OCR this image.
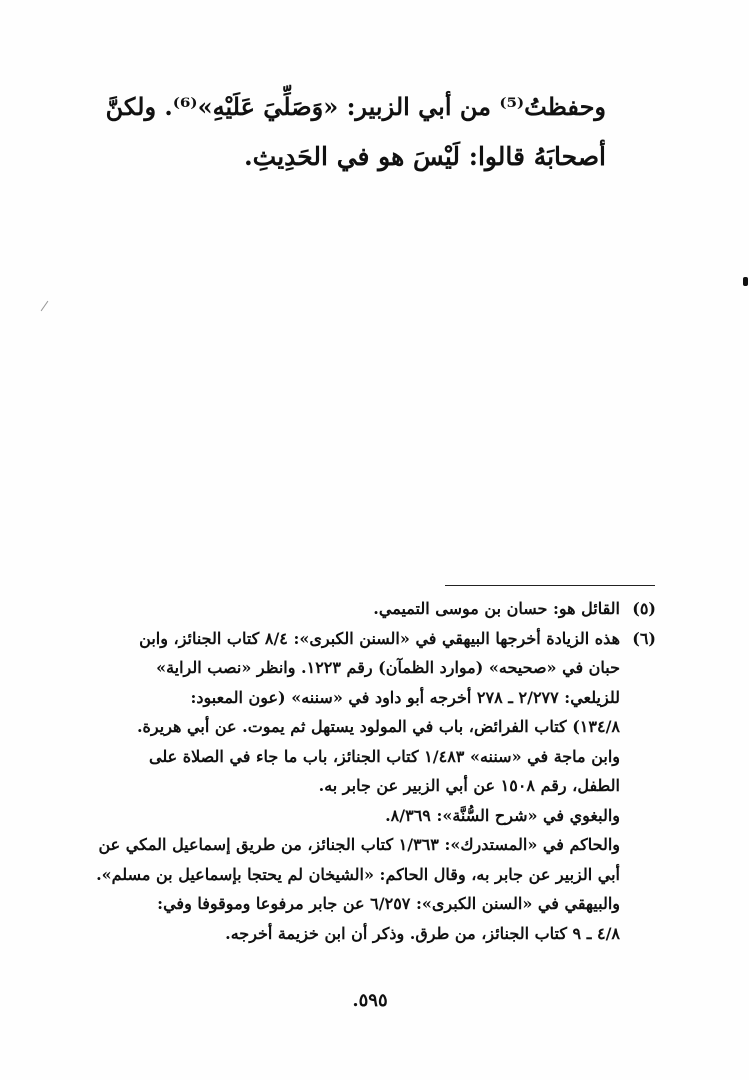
وحفظتُ⁽⁵⁾ من أبي الزبير: «وَصَلِّيَ عَلَيْهِ»⁽⁶⁾. ولكنَّ
أصحابَهُ قالوا: لَيْسَ هو في الحَدِيثِ.
(٥)
القائل هو: حسان بن موسى التميمي.
(٦)
هذه الزيادة أخرجها البيهقي في «السنن الكبرى»: ٨/٤ كتاب الجنائز، وابن
حبان في «صحيحه» (موارد الظمآن) رقم ١٢٢٣. وانظر «نصب الراية»
للزيلعي: ٢/٢٧٧ ـ ٢٧٨ أخرجه أبو داود في «سننه» (عون المعبود:
١٣٤/٨) كتاب الفرائض، باب في المولود يستهل ثم يموت. عن أبي هريرة.
وابن ماجة في «سننه» ١/٤٨٣ كتاب الجنائز، باب ما جاء في الصلاة على
الطفل، رقم ١٥٠٨ عن أبي الزبير عن جابر به.
والبغوي في «شرح السُّنَّة»: ٨/٣٦٩.
والحاكم في «المستدرك»: ١/٣٦٣ كتاب الجنائز، من طريق إسماعيل المكي عن
أبي الزبير عن جابر به، وقال الحاكم: «الشيخان لم يحتجا بإسماعيل بن مسلم».
والبيهقي في «السنن الكبرى»: ٦/٢٥٧ عن جابر مرفوعا وموقوفا وفي:
٤/٨ ـ ٩ كتاب الجنائز، من طرق. وذكر أن ابن خزيمة أخرجه.
٥٩٥.
